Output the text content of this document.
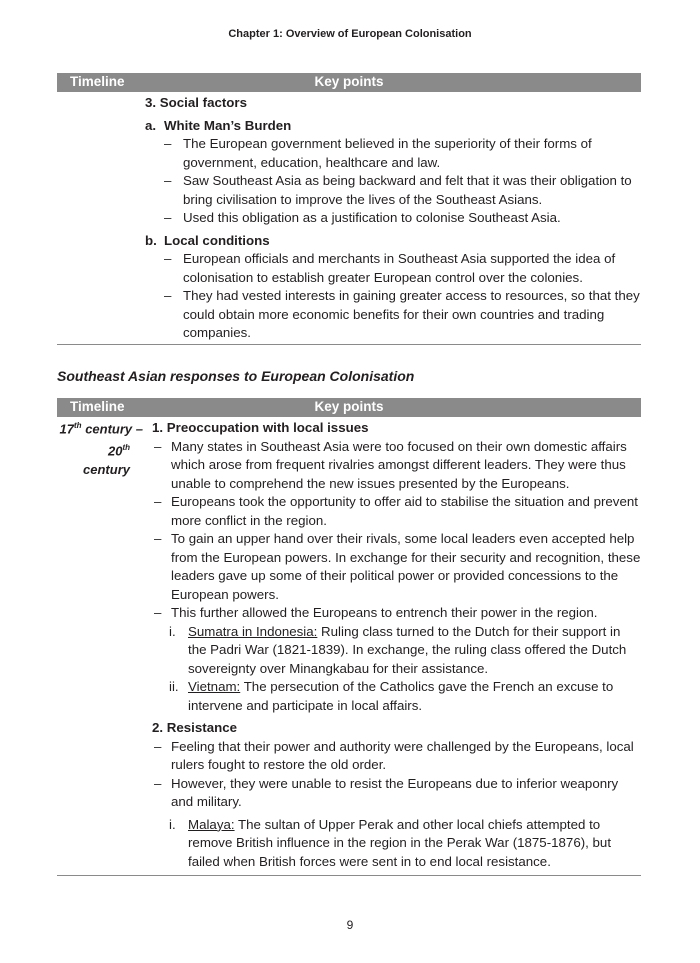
Chapter 1: Overview of European Colonisation
Timeline	Key points
3. Social factors
a. White Man’s Burden
– The European government believed in the superiority of their forms of government, education, healthcare and law.
– Saw Southeast Asia as being backward and felt that it was their obligation to bring civilisation to improve the lives of the Southeast Asians.
– Used this obligation as a justification to colonise Southeast Asia.
b. Local conditions
– European officials and merchants in Southeast Asia supported the idea of colonisation to establish greater European control over the colonies.
– They had vested interests in gaining greater access to resources, so that they could obtain more economic benefits for their own countries and trading companies.
Southeast Asian responses to European Colonisation
Timeline	Key points
17th century –
20th century
1. Preoccupation with local issues
– Many states in Southeast Asia were too focused on their own domestic affairs which arose from frequent rivalries amongst different leaders. They were thus unable to comprehend the new issues presented by the Europeans.
– Europeans took the opportunity to offer aid to stabilise the situation and prevent more conflict in the region.
– To gain an upper hand over their rivals, some local leaders even accepted help from the European powers. In exchange for their security and recognition, these leaders gave up some of their political power or provided concessions to the European powers.
– This further allowed the Europeans to entrench their power in the region.
i. Sumatra in Indonesia: Ruling class turned to the Dutch for their support in the Padri War (1821-1839). In exchange, the ruling class offered the Dutch sovereignty over Minangkabau for their assistance.
ii. Vietnam: The persecution of the Catholics gave the French an excuse to intervene and participate in local affairs.
2. Resistance
– Feeling that their power and authority were challenged by the Europeans, local rulers fought to restore the old order.
– However, they were unable to resist the Europeans due to inferior weaponry and military.
i. Malaya: The sultan of Upper Perak and other local chiefs attempted to remove British influence in the region in the Perak War (1875-1876), but failed when British forces were sent in to end local resistance.
9
